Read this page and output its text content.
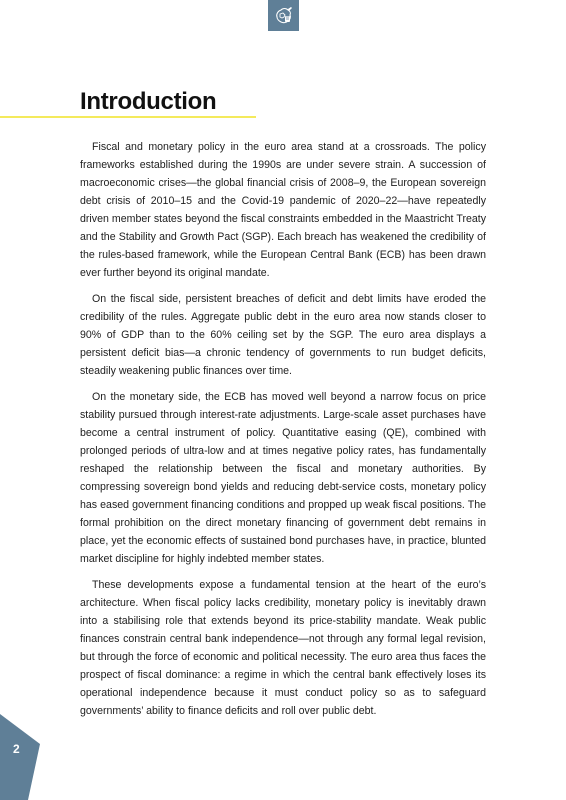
Introduction

Fiscal and monetary policy in the euro area stand at a crossroads. The policy frameworks established during the 1990s are under severe strain. A succession of macroeconomic crises—the global financial crisis of 2008–9, the European sovereign debt crisis of 2010–15 and the Covid-19 pandemic of 2020–22—have repeatedly driven member states beyond the fiscal constraints embedded in the Maastricht Treaty and the Stability and Growth Pact (SGP). Each breach has weakened the credibility of the rules-based framework, while the European Central Bank (ECB) has been drawn ever further beyond its original mandate.

On the fiscal side, persistent breaches of deficit and debt limits have eroded the credibility of the rules. Aggregate public debt in the euro area now stands closer to 90% of GDP than to the 60% ceiling set by the SGP. The euro area displays a persistent deficit bias—a chronic tendency of governments to run budget deficits, steadily weakening public finances over time.

On the monetary side, the ECB has moved well beyond a narrow focus on price stability pursued through interest-rate adjustments. Large-scale asset purchases have become a central instrument of policy. Quantitative easing (QE), combined with prolonged periods of ultra-low and at times negative policy rates, has fundamentally reshaped the relationship between the fiscal and monetary authorities. By compressing sovereign bond yields and reducing debt-service costs, monetary policy has eased government financing conditions and propped up weak fiscal positions. The formal prohibition on the direct monetary financing of government debt remains in place, yet the economic effects of sustained bond purchases have, in practice, blunted market discipline for highly indebted member states.

These developments expose a fundamental tension at the heart of the euro’s architecture. When fiscal policy lacks credibility, monetary policy is inevitably drawn into a stabilising role that extends beyond its price-stability mandate. Weak public finances constrain central bank independence—not through any formal legal revision, but through the force of economic and political necessity. The euro area thus faces the prospect of fiscal dominance: a regime in which the central bank effectively loses its operational independence because it must conduct policy so as to safeguard governments’ ability to finance deficits and roll over public debt.

2
